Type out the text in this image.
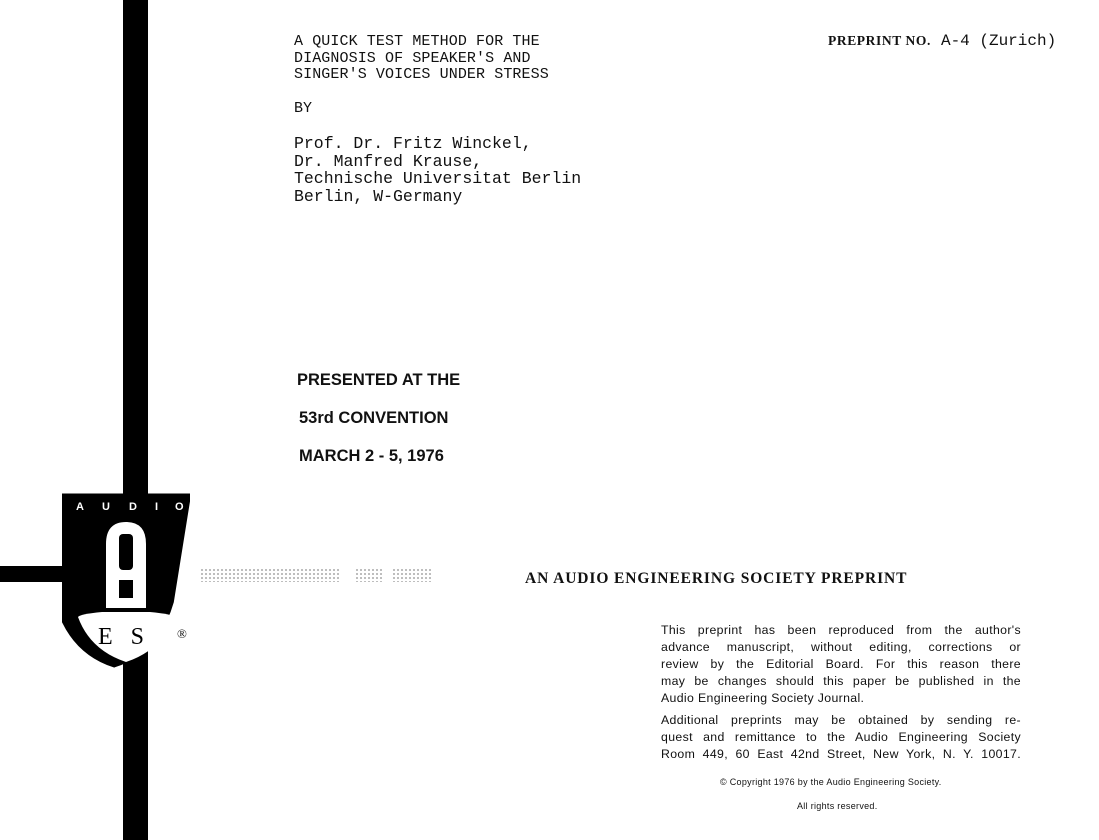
A U D I O
E S ®
A QUICK TEST METHOD FOR THE
DIAGNOSIS OF SPEAKER'S AND
SINGER'S VOICES UNDER STRESS
BY
Prof. Dr. Fritz Winckel,
Dr. Manfred Krause,
Technische Universitat Berlin
Berlin, W-Germany
PREPRINT NO. A-4 (Zurich)
PRESENTED AT THE
53rd CONVENTION
MARCH 2 - 5, 1976
AN AUDIO ENGINEERING SOCIETY PREPRINT
This preprint has been reproduced from the author's
advance manuscript, without editing, corrections or
review by the Editorial Board. For this reason there
may be changes should this paper be published in the
Audio Engineering Society Journal.
Additional preprints may be obtained by sending re-
quest and remittance to the Audio Engineering Society
Room 449, 60 East 42nd Street, New York, N. Y. 10017.
© Copyright 1976 by the Audio Engineering Society.
All rights reserved.
